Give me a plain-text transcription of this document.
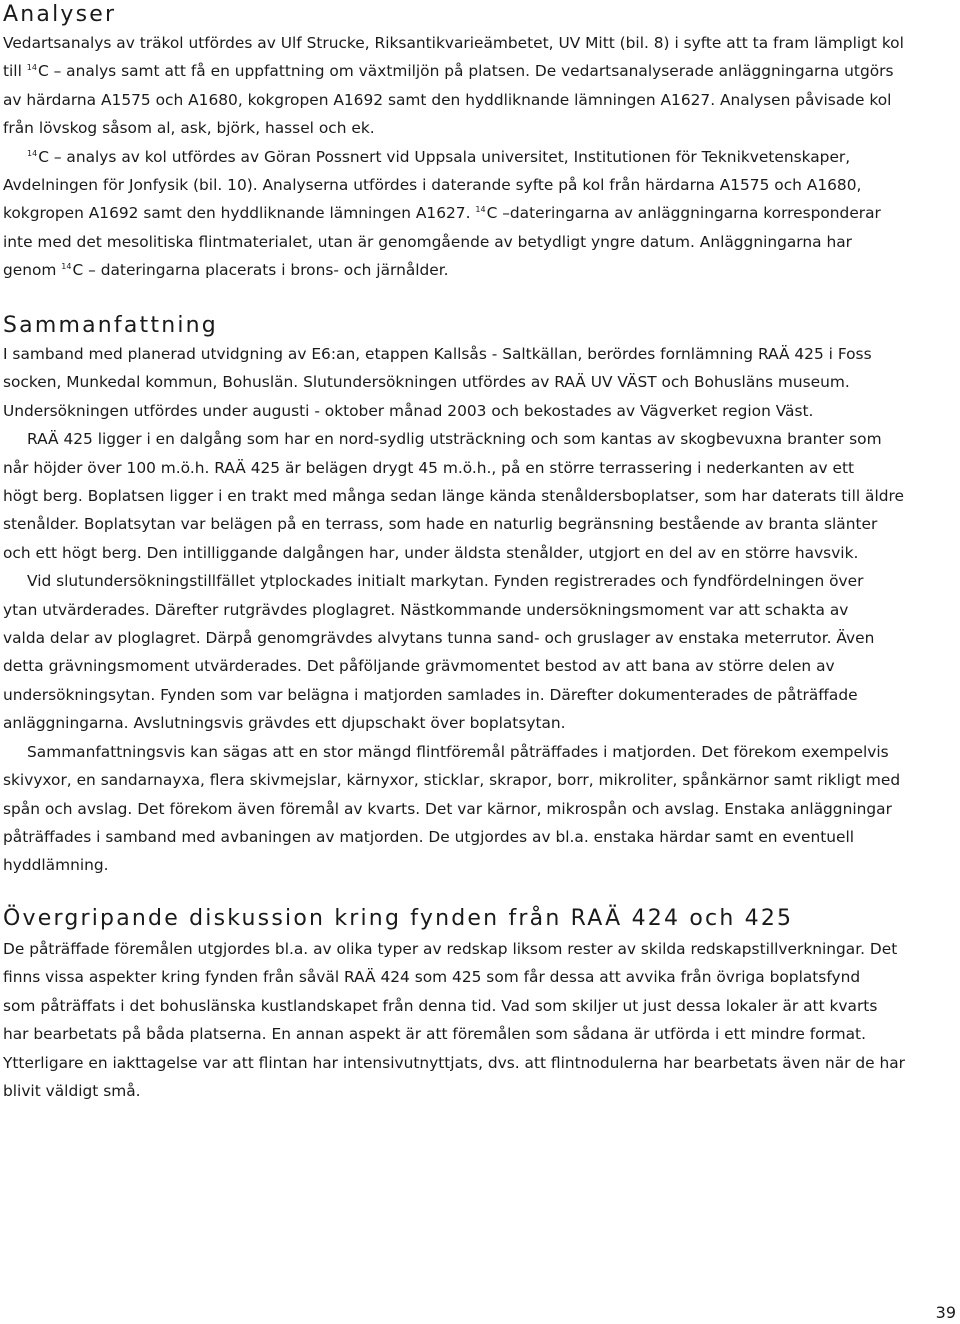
Analyser

Vedartsanalys av träkol utfördes av Ulf Strucke, Riksantikvarieämbetet, UV Mitt (bil. 8) i syfte att ta fram lämpligt kol
till $^{14}$C – analys samt att få en uppfattning om växtmiljön på platsen. De vedartsanalyserade anläggningarna utgörs
av härdarna A1575 och A1680, kokgropen A1692 samt den hyddliknande lämningen A1627. Analysen påvisade kol
från lövskog såsom al, ask, björk, hassel och ek.

$^{14}$C – analys av kol utfördes av Göran Possnert vid Uppsala universitet, Institutionen för Teknikvetenskaper,
Avdelningen för Jonfysik (bil. 10). Analyserna utfördes i daterande syfte på kol från härdarna A1575 och A1680,
kokgropen A1692 samt den hyddliknande lämningen A1627. $^{14}$C –dateringarna av anläggningarna korresponderar
inte med det mesolitiska flintmaterialet, utan är genomgående av betydligt yngre datum. Anläggningarna har
genom $^{14}$C – dateringarna placerats i brons- och järnålder.

Sammanfattning

I samband med planerad utvidgning av E6:an, etappen Kallsås - Saltkällan, berördes fornlämning RAÄ 425 i Foss
socken, Munkedal kommun, Bohuslän. Slutundersökningen utfördes av RAÄ UV VÄST och Bohusläns museum.
Undersökningen utfördes under augusti - oktober månad 2003 och bekostades av Vägverket region Väst.

RAÄ 425 ligger i en dalgång som har en nord-sydlig utsträckning och som kantas av skogbevuxna branter som
når höjder över 100 m.ö.h. RAÄ 425 är belägen drygt 45 m.ö.h., på en större terrassering i nederkanten av ett
högt berg. Boplatsen ligger i en trakt med många sedan länge kända stenåldersboplatser, som har daterats till äldre
stenålder. Boplatsytan var belägen på en terrass, som hade en naturlig begränsning bestående av branta slänter
och ett högt berg. Den intilliggande dalgången har, under äldsta stenålder, utgjort en del av en större havsvik.

Vid slutundersökningstillfället ytplockades initialt markytan. Fynden registrerades och fyndfördelningen över
ytan utvärderades. Därefter rutgrävdes ploglagret. Nästkommande undersökningsmoment var att schakta av
valda delar av ploglagret. Därpå genomgrävdes alvytans tunna sand- och gruslager av enstaka meterrutor. Även
detta grävningsmoment utvärderades. Det påföljande grävmomentet bestod av att bana av större delen av
undersökningsytan. Fynden som var belägna i matjorden samlades in. Därefter dokumenterades de påträffade
anläggningarna. Avslutningsvis grävdes ett djupschakt över boplatsytan.

Sammanfattningsvis kan sägas att en stor mängd flintföremål påträffades i matjorden. Det förekom exempelvis
skivyxor, en sandarnayxa, flera skivmejslar, kärnyxor, sticklar, skrapor, borr, mikroliter, spånkärnor samt rikligt med
spån och avslag. Det förekom även föremål av kvarts. Det var kärnor, mikrospån och avslag. Enstaka anläggningar
påträffades i samband med avbaningen av matjorden. De utgjordes av bl.a. enstaka härdar samt en eventuell
hyddlämning.

Övergripande diskussion kring fynden från RAÄ 424 och 425

De påträffade föremålen utgjordes bl.a. av olika typer av redskap liksom rester av skilda redskapstillverkningar. Det
finns vissa aspekter kring fynden från såväl RAÄ 424 som 425 som får dessa att avvika från övriga boplatsfynd
som påträffats i det bohuslänska kustlandskapet från denna tid. Vad som skiljer ut just dessa lokaler är att kvarts
har bearbetats på båda platserna. En annan aspekt är att föremålen som sådana är utförda i ett mindre format.
Ytterligare en iakttagelse var att flintan har intensivutnyttjats, dvs. att flintnodulerna har bearbetats även när de har
blivit väldigt små.

39
